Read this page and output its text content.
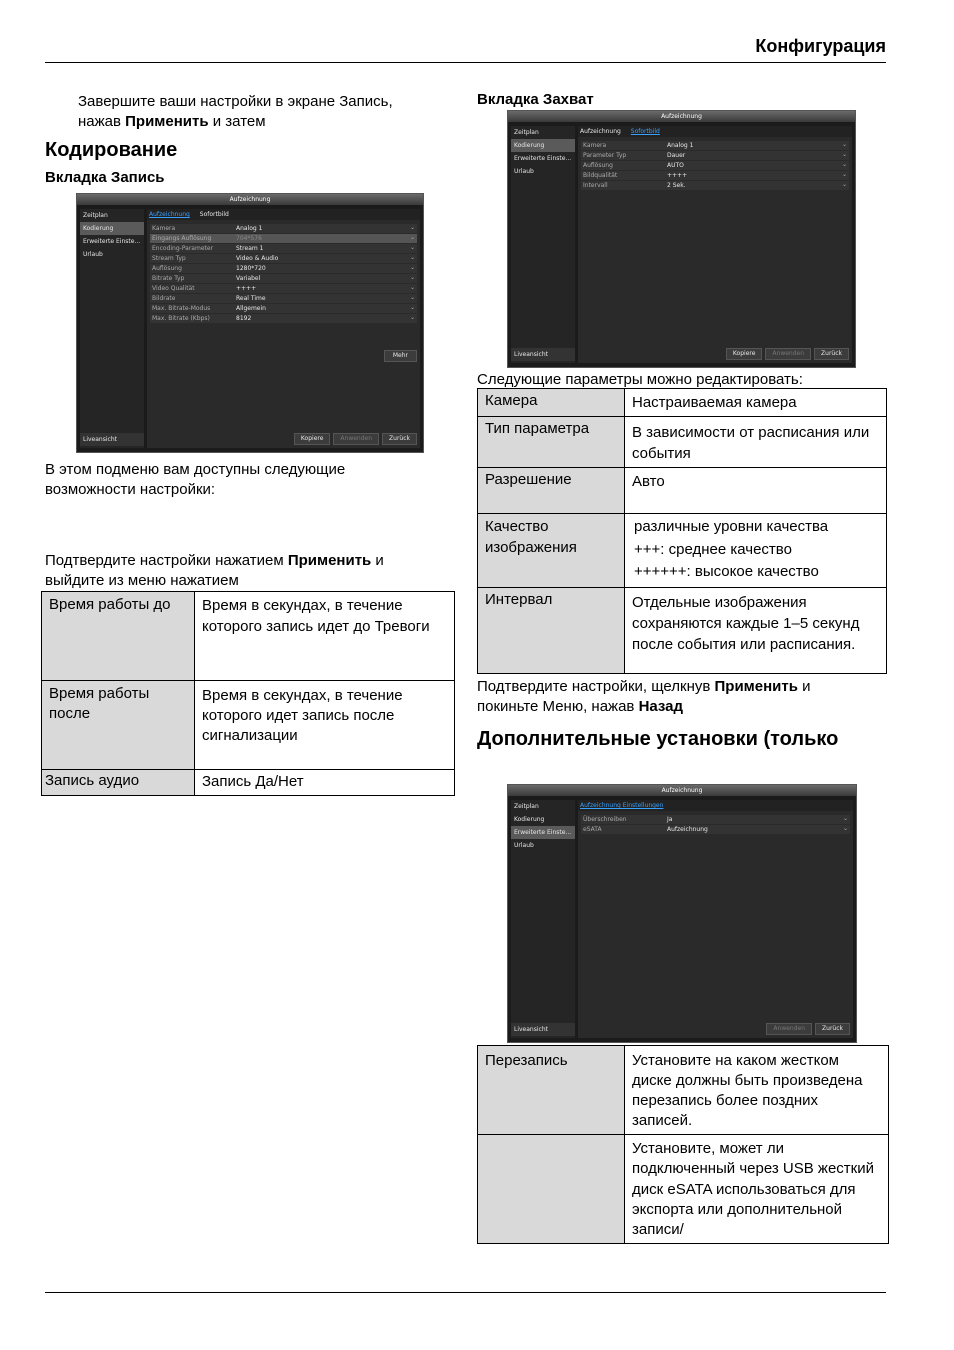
Конфигурация
Завершите ваши настройки в экране Запись,
нажав Применить и затем
Кодирование
Вкладка Запись
Aufzeichnung
Zeitplan
Kodierung
Erweiterte Einste...
Urlaub
Liveansicht
Aufzeichnung Sofortbild
Kamera	Analog 1 ⌄
Eingangs Auflösung	704*576 ⌄
Encoding-Parameter	Stream 1 ⌄
Stream Typ	Video & Audio ⌄
Auflösung	1280*720 ⌄
Bitrate Typ	Variabel ⌄
Video Qualität	++++ ⌄
Bildrate	Real Time ⌄
Max. Bitrate-Modus	Allgemein ⌄
Max. Bitrate (Kbps)	8192 ⌄
Mehr
Kopiere	Anwenden	Zurück
В этом подменю вам доступны следующие
возможности настройки:
Подтвердите настройки нажатием Применить и
выйдите из меню нажатием
Время работы до	Время в секундах, в течение которого запись идет до Тревоги
Время работы после	Время в секундах, в течение которого идет запись после сигнализации
Запись аудио	Запись Да/Нет
Вкладка Захват
Aufzeichnung
Zeitplan
Kodierung
Erweiterte Einste...
Urlaub
Liveansicht
Aufzeichnung Sofortbild
Kamera	Analog 1 ⌄
Parameter Typ	Dauer ⌄
Auflösung	AUTO ⌄
Bildqualität	++++ ⌄
Intervall	2 Sek. ⌄
Kopiere	Anwenden	Zurück
Следующие параметры можно редактировать:
Камера	Настраиваемая камера
Тип параметра	В зависимости от расписания или события
Разрешение	Авто
Качество изображения	различные уровни качества
+++: среднее качество
++++++: высокое качество

Интервал	Отдельные изображения сохраняются каждые 1–5 секунд после события или расписания.
Подтвердите настройки, щелкнув Применить и
покиньте Меню, нажав Назад
Дополнительные установки (только
Aufzeichnung
Zeitplan
Kodierung
Erweiterte Einste...
Urlaub
Liveansicht
Aufzeichnung Einstellungen
Überschreiben	Ja ⌄
eSATA	Aufzeichnung ⌄
Anwenden	Zurück
Перезапись	Установите на каком жестком диске должны быть произведена перезапись более поздних записей.
	Установите, может ли подключенный через USB жесткий диск eSATA использоваться для экспорта или дополнительной записи/
